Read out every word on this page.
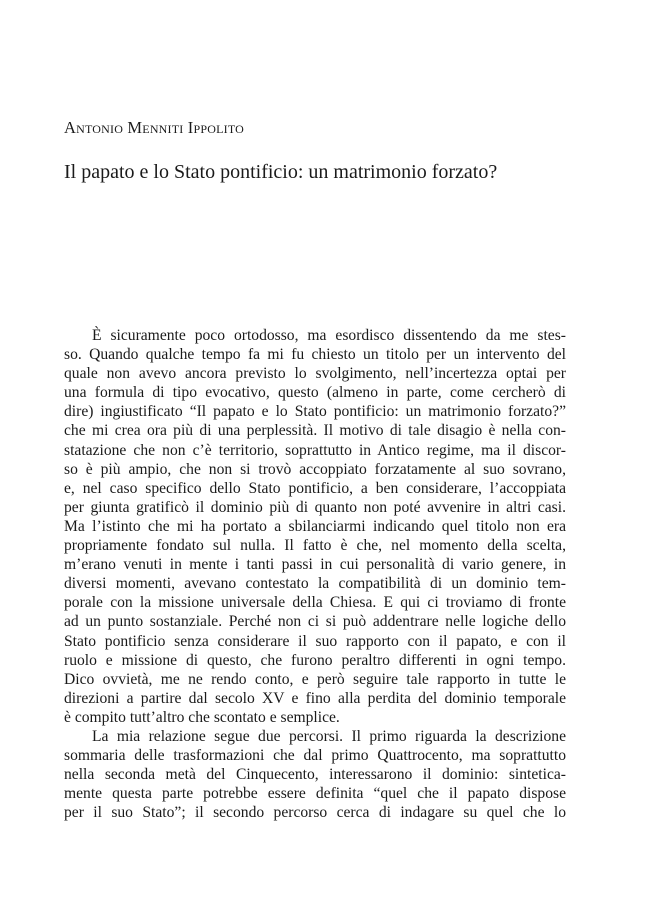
Antonio Menniti Ippolito
Il papato e lo Stato pontificio: un matrimonio forzato?
È sicuramente poco ortodosso, ma esordisco dissentendo da me stes-
so. Quando qualche tempo fa mi fu chiesto un titolo per un intervento del
quale non avevo ancora previsto lo svolgimento, nell’incertezza optai per
una formula di tipo evocativo, questo (almeno in parte, come cercherò di
dire) ingiustificato “Il papato e lo Stato pontificio: un matrimonio forzato?”
che mi crea ora più di una perplessità. Il motivo di tale disagio è nella con-
statazione che non c’è territorio, soprattutto in Antico regime, ma il discor-
so è più ampio, che non si trovò accoppiato forzatamente al suo sovrano,
e, nel caso specifico dello Stato pontificio, a ben considerare, l’accoppiata
per giunta gratificò il dominio più di quanto non poté avvenire in altri casi.
Ma l’istinto che mi ha portato a sbilanciarmi indicando quel titolo non era
propriamente fondato sul nulla. Il fatto è che, nel momento della scelta,
m’erano venuti in mente i tanti passi in cui personalità di vario genere, in
diversi momenti, avevano contestato la compatibilità di un dominio tem-
porale con la missione universale della Chiesa. E qui ci troviamo di fronte
ad un punto sostanziale. Perché non ci si può addentrare nelle logiche dello
Stato pontificio senza considerare il suo rapporto con il papato, e con il
ruolo e missione di questo, che furono peraltro differenti in ogni tempo.
Dico ovvietà, me ne rendo conto, e però seguire tale rapporto in tutte le
direzioni a partire dal secolo XV e fino alla perdita del dominio temporale
è compito tutt’altro che scontato e semplice.
La mia relazione segue due percorsi. Il primo riguarda la descrizione
sommaria delle trasformazioni che dal primo Quattrocento, ma soprattutto
nella seconda metà del Cinquecento, interessarono il dominio: sintetica-
mente questa parte potrebbe essere definita “quel che il papato dispose
per il suo Stato”; il secondo percorso cerca di indagare su quel che lo
